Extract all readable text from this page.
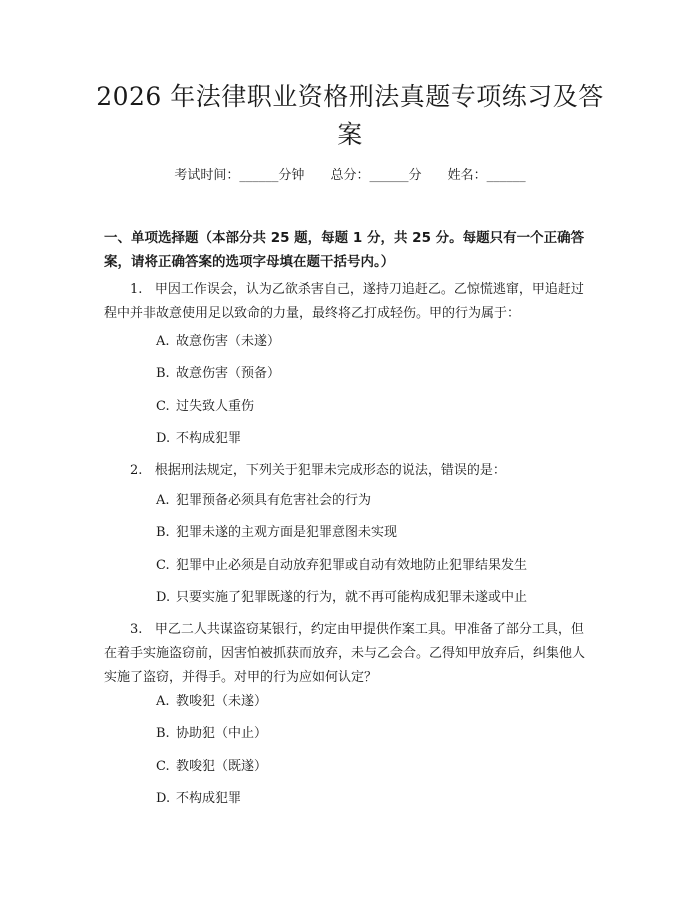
2026 年法律职业资格刑法真题专项练习及答案
考试时间：______分钟 总分：______分 姓名：______
一、单项选择题（本部分共 25 题，每题 1 分，共 25 分。每题只有一个正确答案，请将正确答案的选项字母填在题干括号内。）
1. 甲因工作误会，认为乙欲杀害自己，遂持刀追赶乙。乙惊慌逃窜，甲追赶过程中并非故意使用足以致命的力量，最终将乙打成轻伤。甲的行为属于：
A. 故意伤害（未遂）
B. 故意伤害（预备）
C. 过失致人重伤
D. 不构成犯罪
2. 根据刑法规定，下列关于犯罪未完成形态的说法，错误的是：
A. 犯罪预备必须具有危害社会的行为
B. 犯罪未遂的主观方面是犯罪意图未实现
C. 犯罪中止必须是自动放弃犯罪或自动有效地防止犯罪结果发生
D. 只要实施了犯罪既遂的行为，就不再可能构成犯罪未遂或中止
3. 甲乙二人共谋盗窃某银行，约定由甲提供作案工具。甲准备了部分工具，但在着手实施盗窃前，因害怕被抓获而放弃，未与乙会合。乙得知甲放弃后，纠集他人实施了盗窃，并得手。对甲的行为应如何认定？
A. 教唆犯（未遂）
B. 协助犯（中止）
C. 教唆犯（既遂）
D. 不构成犯罪
